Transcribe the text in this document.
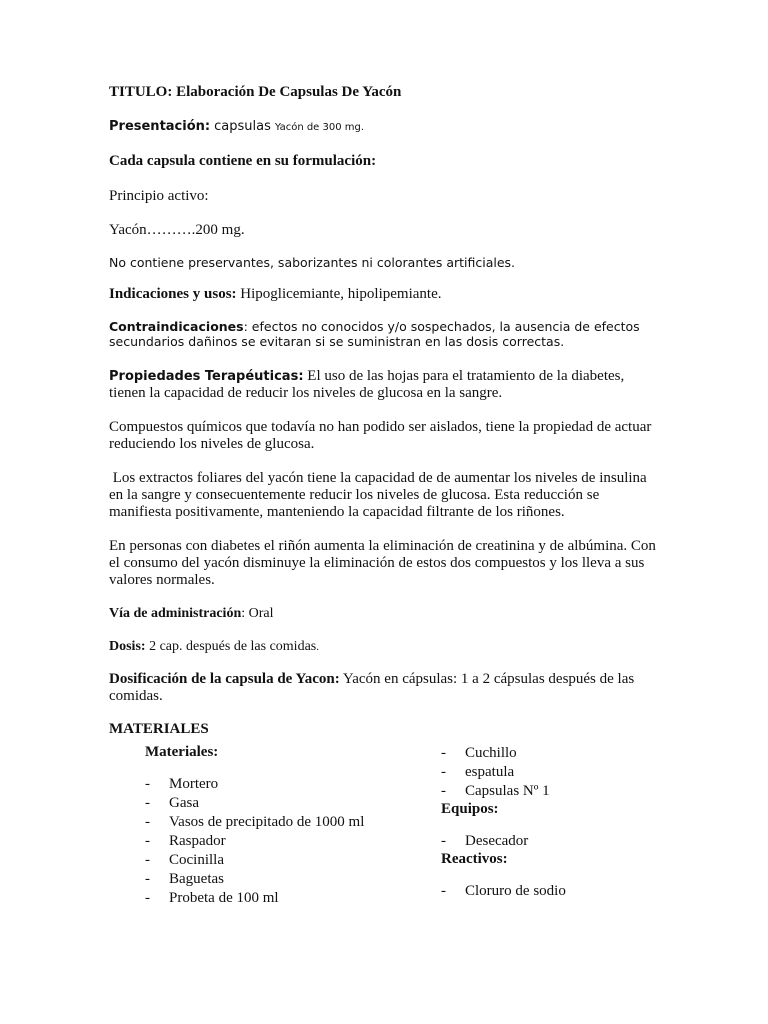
TITULO: Elaboración De Capsulas De Yacón

Presentación: capsulas Yacón de 300 mg.

Cada capsula contiene en su formulación:

Principio activo:

Yacón……….200 mg.

No contiene preservantes, saborizantes ni colorantes artificiales.

Indicaciones y usos: Hipoglicemiante, hipolipemiante.

Contraindicaciones: efectos no conocidos y/o sospechados, la ausencia de efectos secundarios dañinos se evitaran si se suministran en las dosis correctas.

Propiedades Terapéuticas: El uso de las hojas para el tratamiento de la diabetes, tienen la capacidad de reducir los niveles de glucosa en la sangre.

Compuestos químicos que todavía no han podido ser aislados, tiene la propiedad de actuar reduciendo los niveles de glucosa.

Los extractos foliares del yacón tiene la capacidad de de aumentar los niveles de insulina en la sangre y consecuentemente reducir los niveles de glucosa. Esta reducción se manifiesta positivamente, manteniendo la capacidad filtrante de los riñones.

En personas con diabetes el riñón aumenta la eliminación de creatinina y de albúmina. Con el consumo del yacón disminuye la eliminación de estos dos compuestos y los lleva a sus valores normales.

Vía de administración: Oral

Dosis: 2 cap. después de las comidas.

Dosificación de la capsula de Yacon: Yacón en cápsulas: 1 a 2 cápsulas después de las comidas.

MATERIALES

Materiales:

- Mortero
- Gasa
- Vasos de precipitado de 1000 ml
- Raspador
- Cocinilla
- Baguetas
- Probeta de 100 ml
- Cuchillo
- espatula
- Capsulas Nº 1

Equipos:

- Desecador

Reactivos:

- Cloruro de sodio
